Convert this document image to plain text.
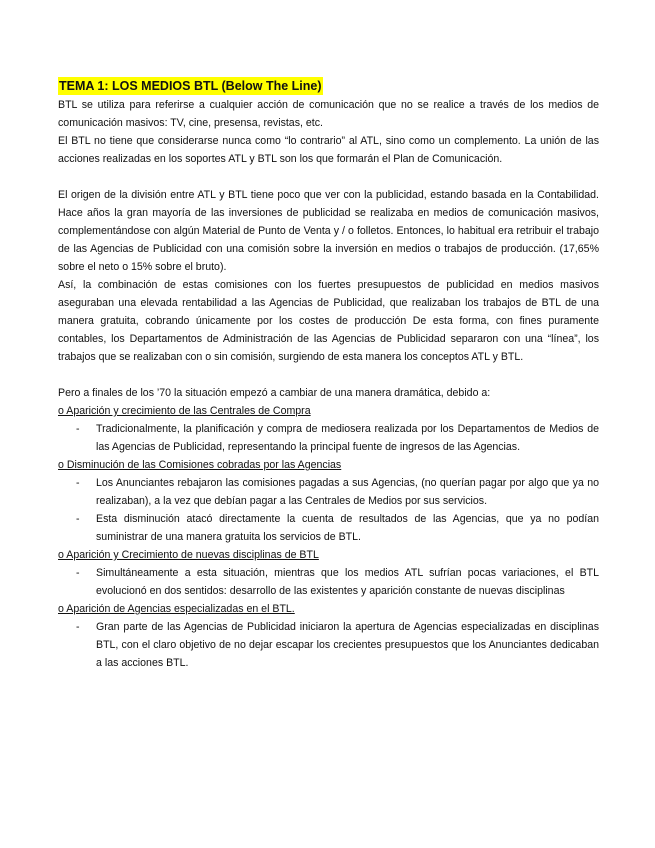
TEMA 1: LOS MEDIOS BTL (Below The Line)

BTL se utiliza para referirse a cualquier acción de comunicación que no se realice a través de los medios de comunicación masivos: TV, cine, presensa, revistas, etc.

El BTL no tiene que considerarse nunca como “lo contrario” al ATL, sino como un complemento. La unión de las acciones realizadas en los soportes ATL y BTL son los que formarán el Plan de Comunicación.

El origen de la división entre ATL y BTL tiene poco que ver con la publicidad, estando basada en la Contabilidad. Hace años la gran mayoría de las inversiones de publicidad se realizaba en medios de comunicación masivos, complementándose con algún Material de Punto de Venta y / o folletos. Entonces, lo habitual era retribuir el trabajo de las Agencias de Publicidad con una comisión sobre la inversión en medios o trabajos de producción. (17,65% sobre el neto o 15% sobre el bruto).

Así, la combinación de estas comisiones con los fuertes presupuestos de publicidad en medios masivos aseguraban una elevada rentabilidad a las Agencias de Publicidad, que realizaban los trabajos de BTL de una manera gratuita, cobrando únicamente por los costes de producción De esta forma, con fines puramente contables, los Departamentos de Administración de las Agencias de Publicidad separaron con una “línea”, los trabajos que se realizaban con o sin comisión, surgiendo de esta manera los conceptos ATL y BTL.

Pero a finales de los ’70 la situación empezó a cambiar de una manera dramática, debido a:

o Aparición y crecimiento de las Centrales de Compra

- Tradicionalmente, la planificación y compra de mediosera realizada por los Departamentos de Medios de las Agencias de Publicidad, representando la principal fuente de ingresos de las Agencias.

o Disminución de las Comisiones cobradas por las Agencias

- Los Anunciantes rebajaron las comisiones pagadas a sus Agencias, (no querían pagar por algo que ya no realizaban), a la vez que debían pagar a las Centrales de Medios por sus servicios.
- Esta disminución atacó directamente la cuenta de resultados de las Agencias, que ya no podían suministrar de una manera gratuita los servicios de BTL.

o Aparición y Crecimiento de nuevas disciplinas de BTL

- Simultáneamente a esta situación, mientras que los medios ATL sufrían pocas variaciones, el BTL evolucionó en dos sentidos: desarrollo de las existentes y aparición constante de nuevas disciplinas

o Aparición de Agencias especializadas en el BTL.

- Gran parte de las Agencias de Publicidad iniciaron la apertura de Agencias especializadas en disciplinas BTL, con el claro objetivo de no dejar escapar los crecientes presupuestos que los Anunciantes dedicaban a las acciones BTL.
